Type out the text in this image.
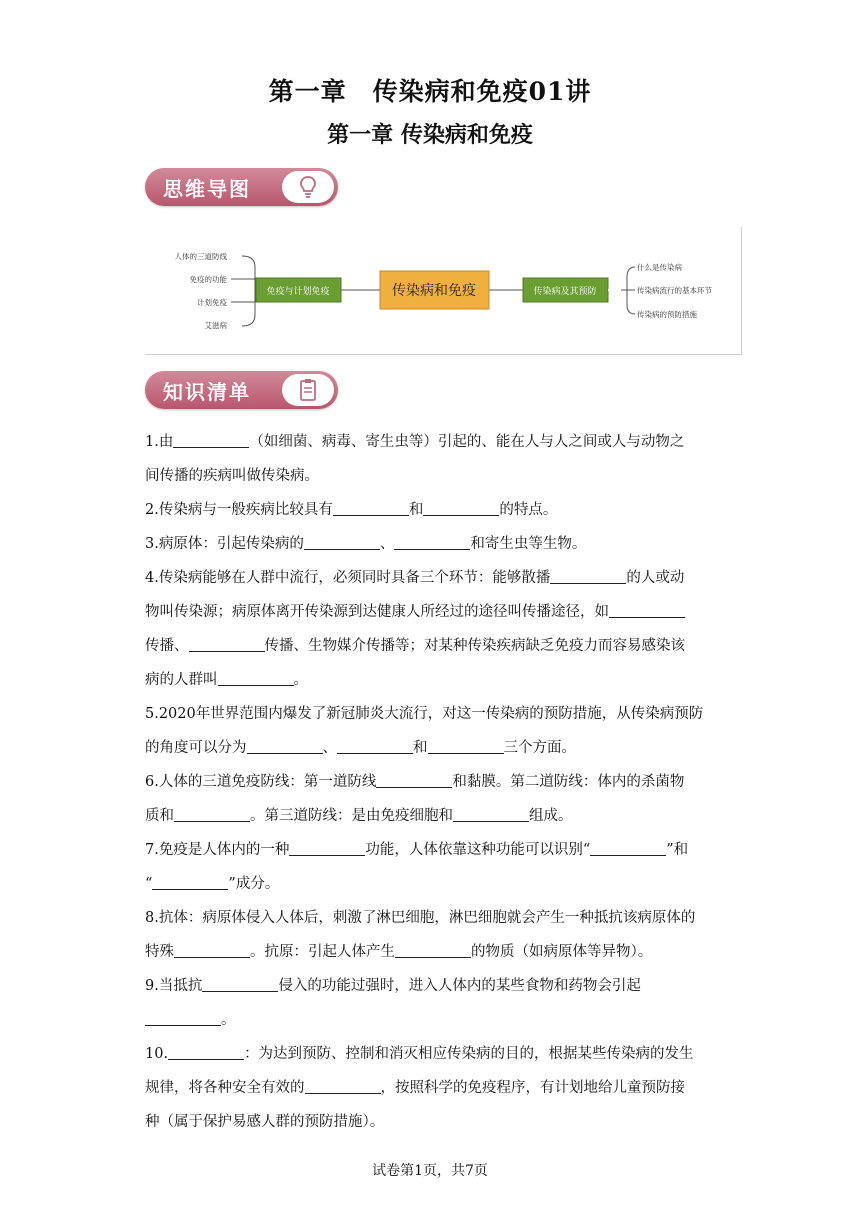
第一章　传染病和免疫01讲
第一章 传染病和免疫
思维导图
免疫与计划免疫	传染病和免疫	传染病及其预防
人体的三道防线
免疫的功能
计划免疫
艾滋病
什么是传染病
传染病流行的基本环节
传染病的预防措施
知识清单
1.由	（如细菌、病毒、寄生虫等）引起的、能在人与人之间或人与动物之
间传播的疾病叫做传染病。
2.传染病与一般疾病比较具有	和	的特点。
3.病原体：引起传染病的	、	和寄生虫等生物。
4.传染病能够在人群中流行，必须同时具备三个环节：能够散播	的人或动
物叫传染源；病原体离开传染源到达健康人所经过的途径叫传播途径，如
传播、	传播、生物媒介传播等；对某种传染疾病缺乏免疫力而容易感染该
病的人群叫	。
5.2020年世界范围内爆发了新冠肺炎大流行，对这一传染病的预防措施，从传染病预防
的角度可以分为	、	和	三个方面。
6.人体的三道免疫防线：第一道防线	和黏膜。第二道防线：体内的杀菌物
质和	。第三道防线：是由免疫细胞和	组成。
7.免疫是人体内的一种	功能，人体依靠这种功能可以识别“	”和
“	”成分。
8.抗体：病原体侵入人体后，刺激了淋巴细胞，淋巴细胞就会产生一种抵抗该病原体的
特殊	。抗原：引起人体产生	的物质（如病原体等异物）。
9.当抵抗	侵入的功能过强时，进入人体内的某些食物和药物会引起
。
10.	：为达到预防、控制和消灭相应传染病的目的，根据某些传染病的发生
规律，将各种安全有效的	，按照科学的免疫程序，有计划地给儿童预防接
种（属于保护易感人群的预防措施）。
试卷第1页，共7页
